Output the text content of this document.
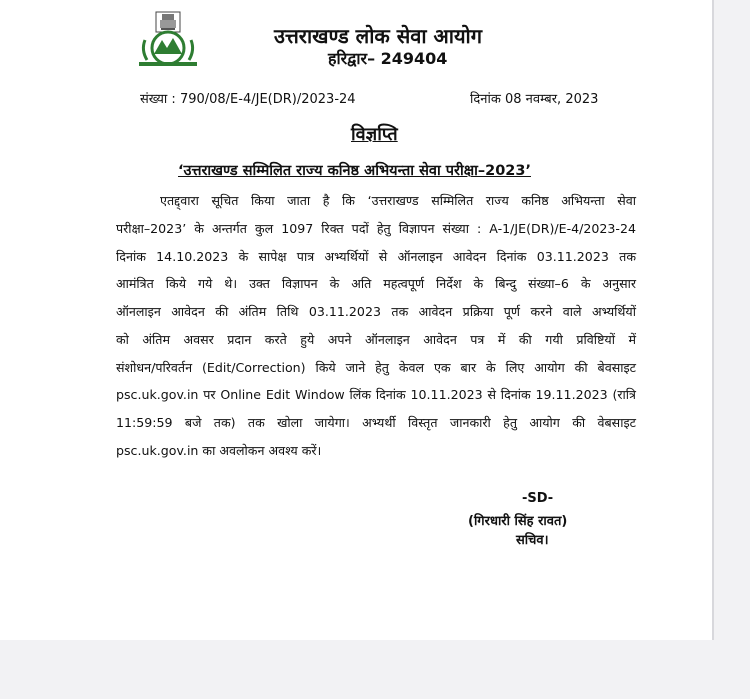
उत्तराखण्ड लोक सेवा आयोग
हरिद्वार– 249404
संख्या : 790/08/E-4/JE(DR)/2023-24	दिनांक 08 नवम्बर, 2023
विज्ञप्ति
‘उत्तराखण्ड सम्मिलित राज्य कनिष्ठ अभियन्ता सेवा परीक्षा–2023’
एतद्द्वारा सूचित किया जाता है कि ‘उत्तराखण्ड सम्मिलित राज्य कनिष्ठ अभियन्ता सेवा
परीक्षा–2023’ के अन्तर्गत कुल 1097 रिक्त पदों हेतु विज्ञापन संख्या : A-1/JE(DR)/E-4/2023-24
दिनांक 14.10.2023 के सापेक्ष पात्र अभ्यर्थियों से ऑनलाइन आवेदन दिनांक 03.11.2023 तक
आमंत्रित किये गये थे। उक्त विज्ञापन के अति महत्वपूर्ण निर्देश के बिन्दु संख्या–6 के अनुसार
ऑनलाइन आवेदन की अंतिम तिथि 03.11.2023 तक आवेदन प्रक्रिया पूर्ण करने वाले अभ्यर्थियों
को अंतिम अवसर प्रदान करते हुये अपने ऑनलाइन आवेदन पत्र में की गयी प्रविष्टियों में
संशोधन/परिवर्तन (Edit/Correction) किये जाने हेतु केवल एक बार के लिए आयोग की बेवसाइट
psc.uk.gov.in पर Online Edit Window लिंक दिनांक 10.11.2023 से दिनांक 19.11.2023 (रात्रि
11:59:59 बजे तक) तक खोला जायेगा। अभ्यर्थी विस्तृत जानकारी हेतु आयोग की वेबसाइट
psc.uk.gov.in का अवलोकन अवश्य करें।
-SD-
(गिरधारी सिंह रावत)
सचिव।
